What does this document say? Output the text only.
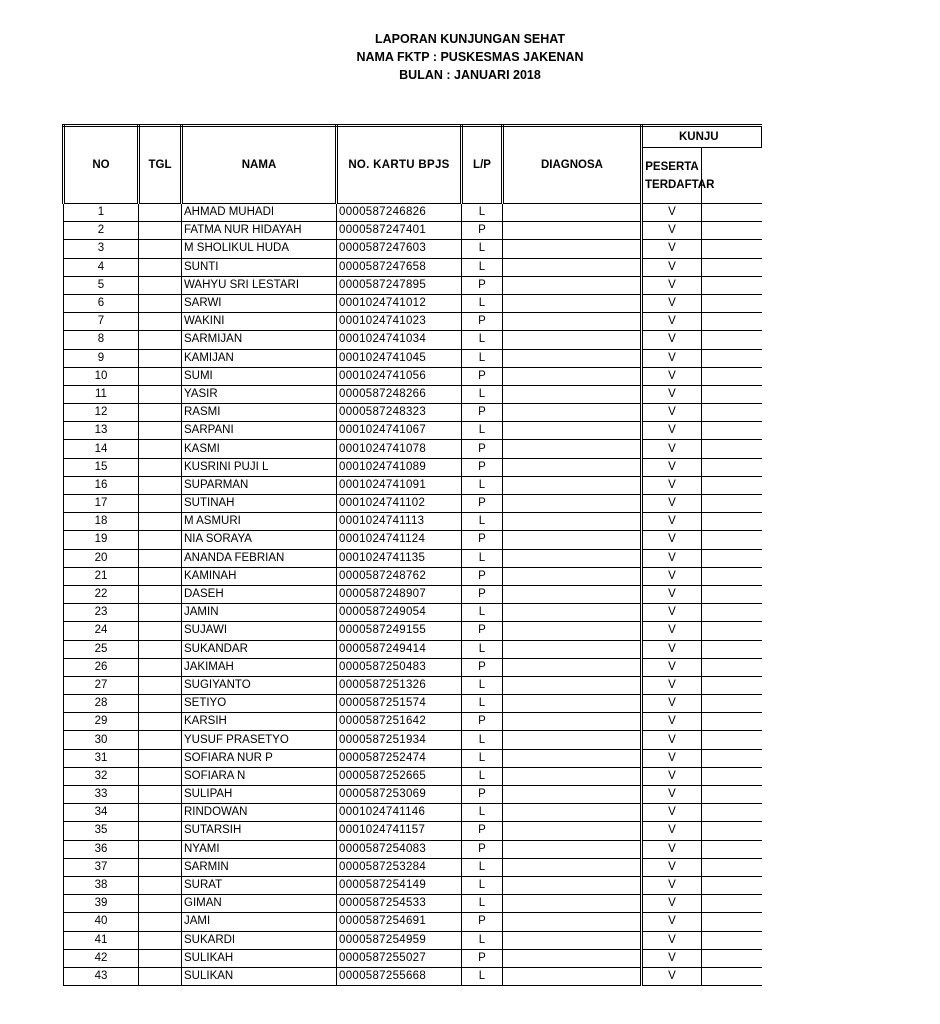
LAPORAN KUNJUNGAN SEHAT
NAMA FKTP : PUSKESMAS JAKENAN
BULAN : JANUARI 2018
NO	TGL	NAMA	NO. KARTU BPJS	L/P	DIAGNOSA	KUNJU	
						PESERTA
TERDAFTAR	
1		AHMAD MUHADI	0000587246826	L		V	
2		FATMA NUR HIDAYAH	0000587247401	P		V	
3		M SHOLIKUL HUDA	0000587247603	L		V	
4		SUNTI	0000587247658	L		V	
5		WAHYU SRI LESTARI	0000587247895	P		V	
6		SARWI	0001024741012	L		V	
7		WAKINI	0001024741023	P		V	
8		SARMIJAN	0001024741034	L		V	
9		KAMIJAN	0001024741045	L		V	
10		SUMI	0001024741056	P		V	
11		YASIR	0000587248266	L		V	
12		RASMI	0000587248323	P		V	
13		SARPANI	0001024741067	L		V	
14		KASMI	0001024741078	P		V	
15		KUSRINI PUJI L	0001024741089	P		V	
16		SUPARMAN	0001024741091	L		V	
17		SUTINAH	0001024741102	P		V	
18		M ASMURI	0001024741113	L		V	
19		NIA SORAYA	0001024741124	P		V	
20		ANANDA FEBRIAN	0001024741135	L		V	
21		KAMINAH	0000587248762	P		V	
22		DASEH	0000587248907	P		V	
23		JAMIN	0000587249054	L		V	
24		SUJAWI	0000587249155	P		V	
25		SUKANDAR	0000587249414	L		V	
26		JAKIMAH	0000587250483	P		V	
27		SUGIYANTO	0000587251326	L		V	
28		SETIYO	0000587251574	L		V	
29		KARSIH	0000587251642	P		V	
30		YUSUF PRASETYO	0000587251934	L		V	
31		SOFIARA NUR P	0000587252474	L		V	
32		SOFIARA N	0000587252665	L		V	
33		SULIPAH	0000587253069	P		V	
34		RINDOWAN	0001024741146	L		V	
35		SUTARSIH	0001024741157	P		V	
36		NYAMI	0000587254083	P		V	
37		SARMIN	0000587253284	L		V	
38		SURAT	0000587254149	L		V	
39		GIMAN	0000587254533	L		V	
40		JAMI	0000587254691	P		V	
41		SUKARDI	0000587254959	L		V	
42		SULIKAH	0000587255027	P		V	
43		SULIKAN	0000587255668	L		V	
